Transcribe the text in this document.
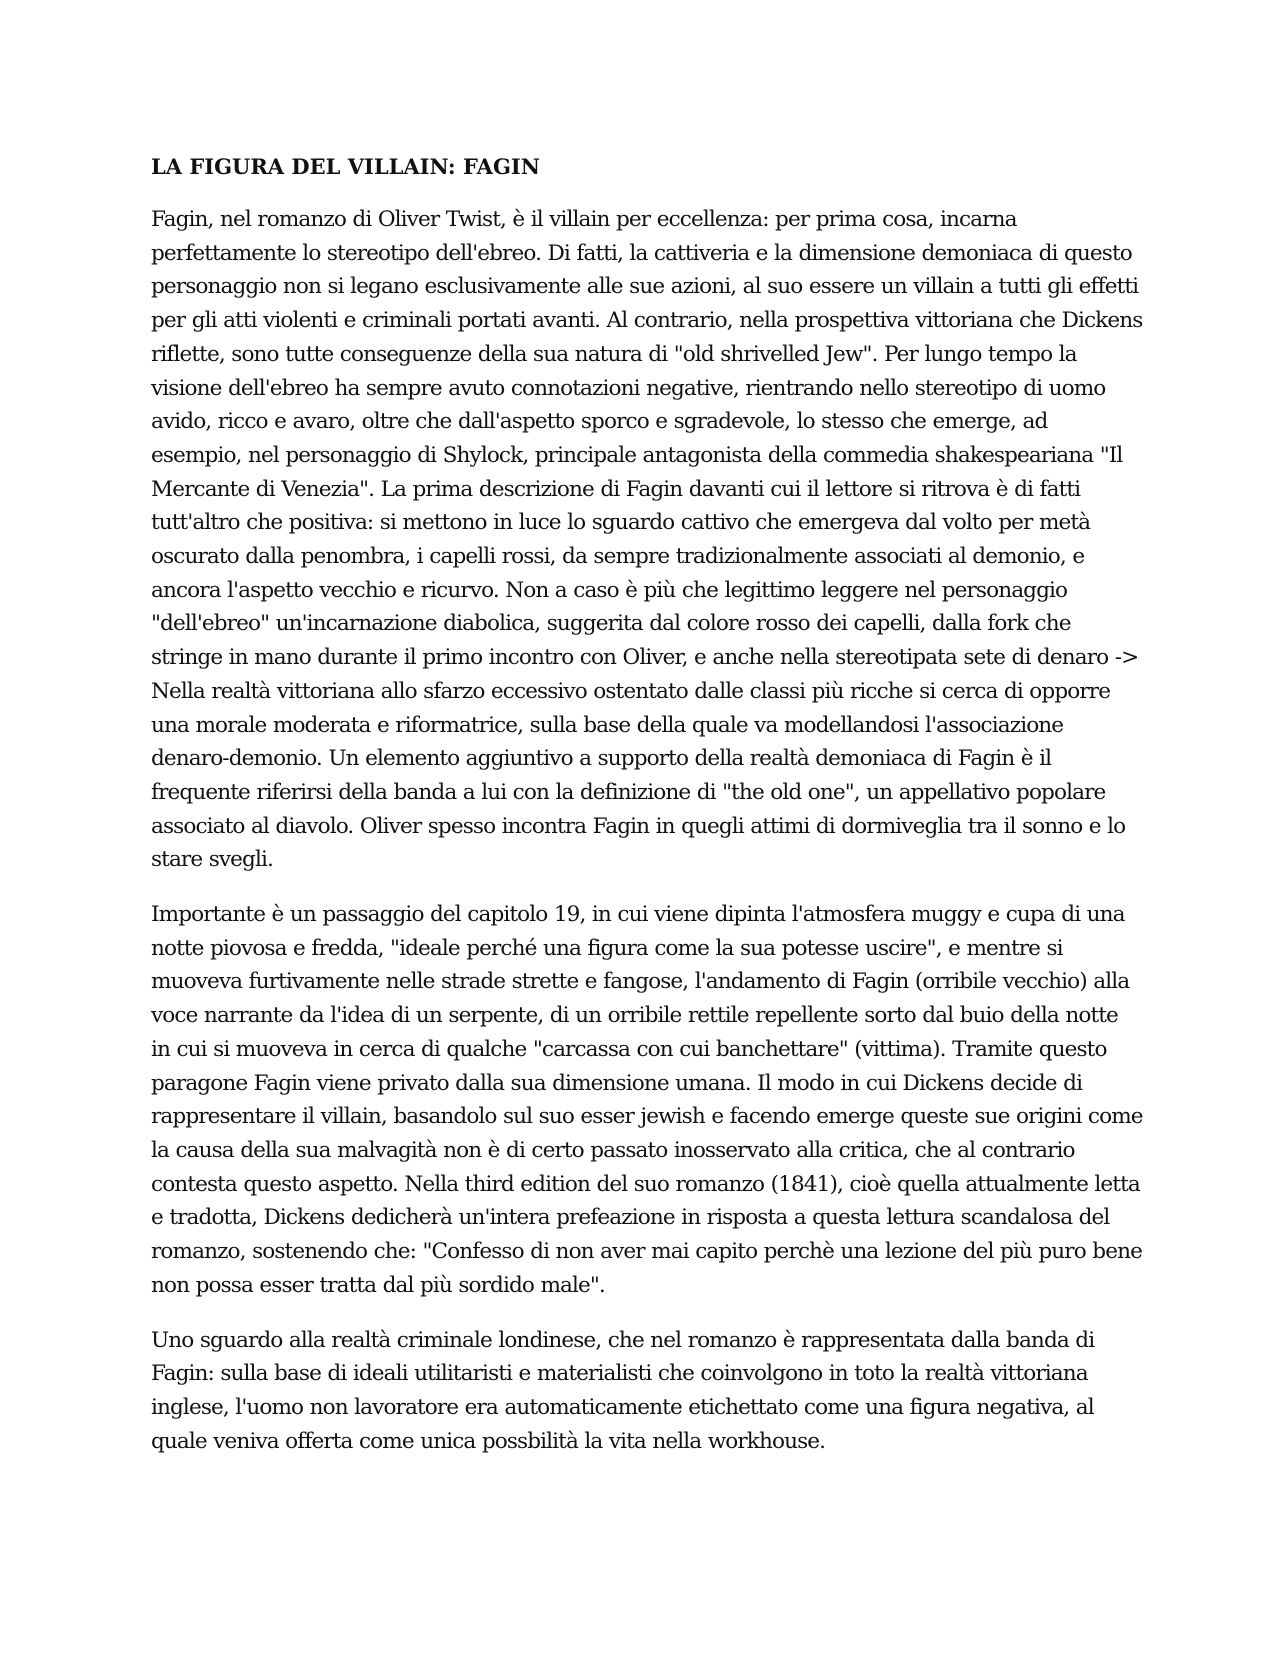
LA FIGURA DEL VILLAIN: FAGIN

Fagin, nel romanzo di Oliver Twist, è il villain per eccellenza: per prima cosa, incarna perfettamente lo stereotipo dell'ebreo. Di fatti, la cattiveria e la dimensione demoniaca di questo personaggio non si legano esclusivamente alle sue azioni, al suo essere un villain a tutti gli effetti per gli atti violenti e criminali portati avanti. Al contrario, nella prospettiva vittoriana che Dickens riflette, sono tutte conseguenze della sua natura di "old shrivelled Jew". Per lungo tempo la visione dell'ebreo ha sempre avuto connotazioni negative, rientrando nello stereotipo di uomo avido, ricco e avaro, oltre che dall'aspetto sporco e sgradevole, lo stesso che emerge, ad esempio, nel personaggio di Shylock, principale antagonista della commedia shakespeariana "Il Mercante di Venezia". La prima descrizione di Fagin davanti cui il lettore si ritrova è di fatti tutt'altro che positiva: si mettono in luce lo sguardo cattivo che emergeva dal volto per metà oscurato dalla penombra, i capelli rossi, da sempre tradizionalmente associati al demonio, e ancora l'aspetto vecchio e ricurvo. Non a caso è più che legittimo leggere nel personaggio "dell'ebreo" un'incarnazione diabolica, suggerita dal colore rosso dei capelli, dalla fork che stringe in mano durante il primo incontro con Oliver, e anche nella stereotipata sete di denaro -> Nella realtà vittoriana allo sfarzo eccessivo ostentato dalle classi più ricche si cerca di opporre una morale moderata e riformatrice, sulla base della quale va modellandosi l'associazione denaro-demonio. Un elemento aggiuntivo a supporto della realtà demoniaca di Fagin è il frequente riferirsi della banda a lui con la definizione di "the old one", un appellativo popolare associato al diavolo. Oliver spesso incontra Fagin in quegli attimi di dormiveglia tra il sonno e lo stare svegli.

Importante è un passaggio del capitolo 19, in cui viene dipinta l'atmosfera muggy e cupa di una notte piovosa e fredda, "ideale perché una figura come la sua potesse uscire", e mentre si muoveva furtivamente nelle strade strette e fangose, l'andamento di Fagin (orribile vecchio) alla voce narrante da l'idea di un serpente, di un orribile rettile repellente sorto dal buio della notte in cui si muoveva in cerca di qualche "carcassa con cui banchettare" (vittima). Tramite questo paragone Fagin viene privato dalla sua dimensione umana. Il modo in cui Dickens decide di rappresentare il villain, basandolo sul suo esser jewish e facendo emerge queste sue origini come la causa della sua malvagità non è di certo passato inosservato alla critica, che al contrario contesta questo aspetto. Nella third edition del suo romanzo (1841), cioè quella attualmente letta e tradotta, Dickens dedicherà un'intera prefeazione in risposta a questa lettura scandalosa del romanzo, sostenendo che: "Confesso di non aver mai capito perchè una lezione del più puro bene non possa esser tratta dal più sordido male".

Uno sguardo alla realtà criminale londinese, che nel romanzo è rappresentata dalla banda di Fagin: sulla base di ideali utilitaristi e materialisti che coinvolgono in toto la realtà vittoriana inglese, l'uomo non lavoratore era automaticamente etichettato come una figura negativa, al quale veniva offerta come unica possbilità la vita nella workhouse.
